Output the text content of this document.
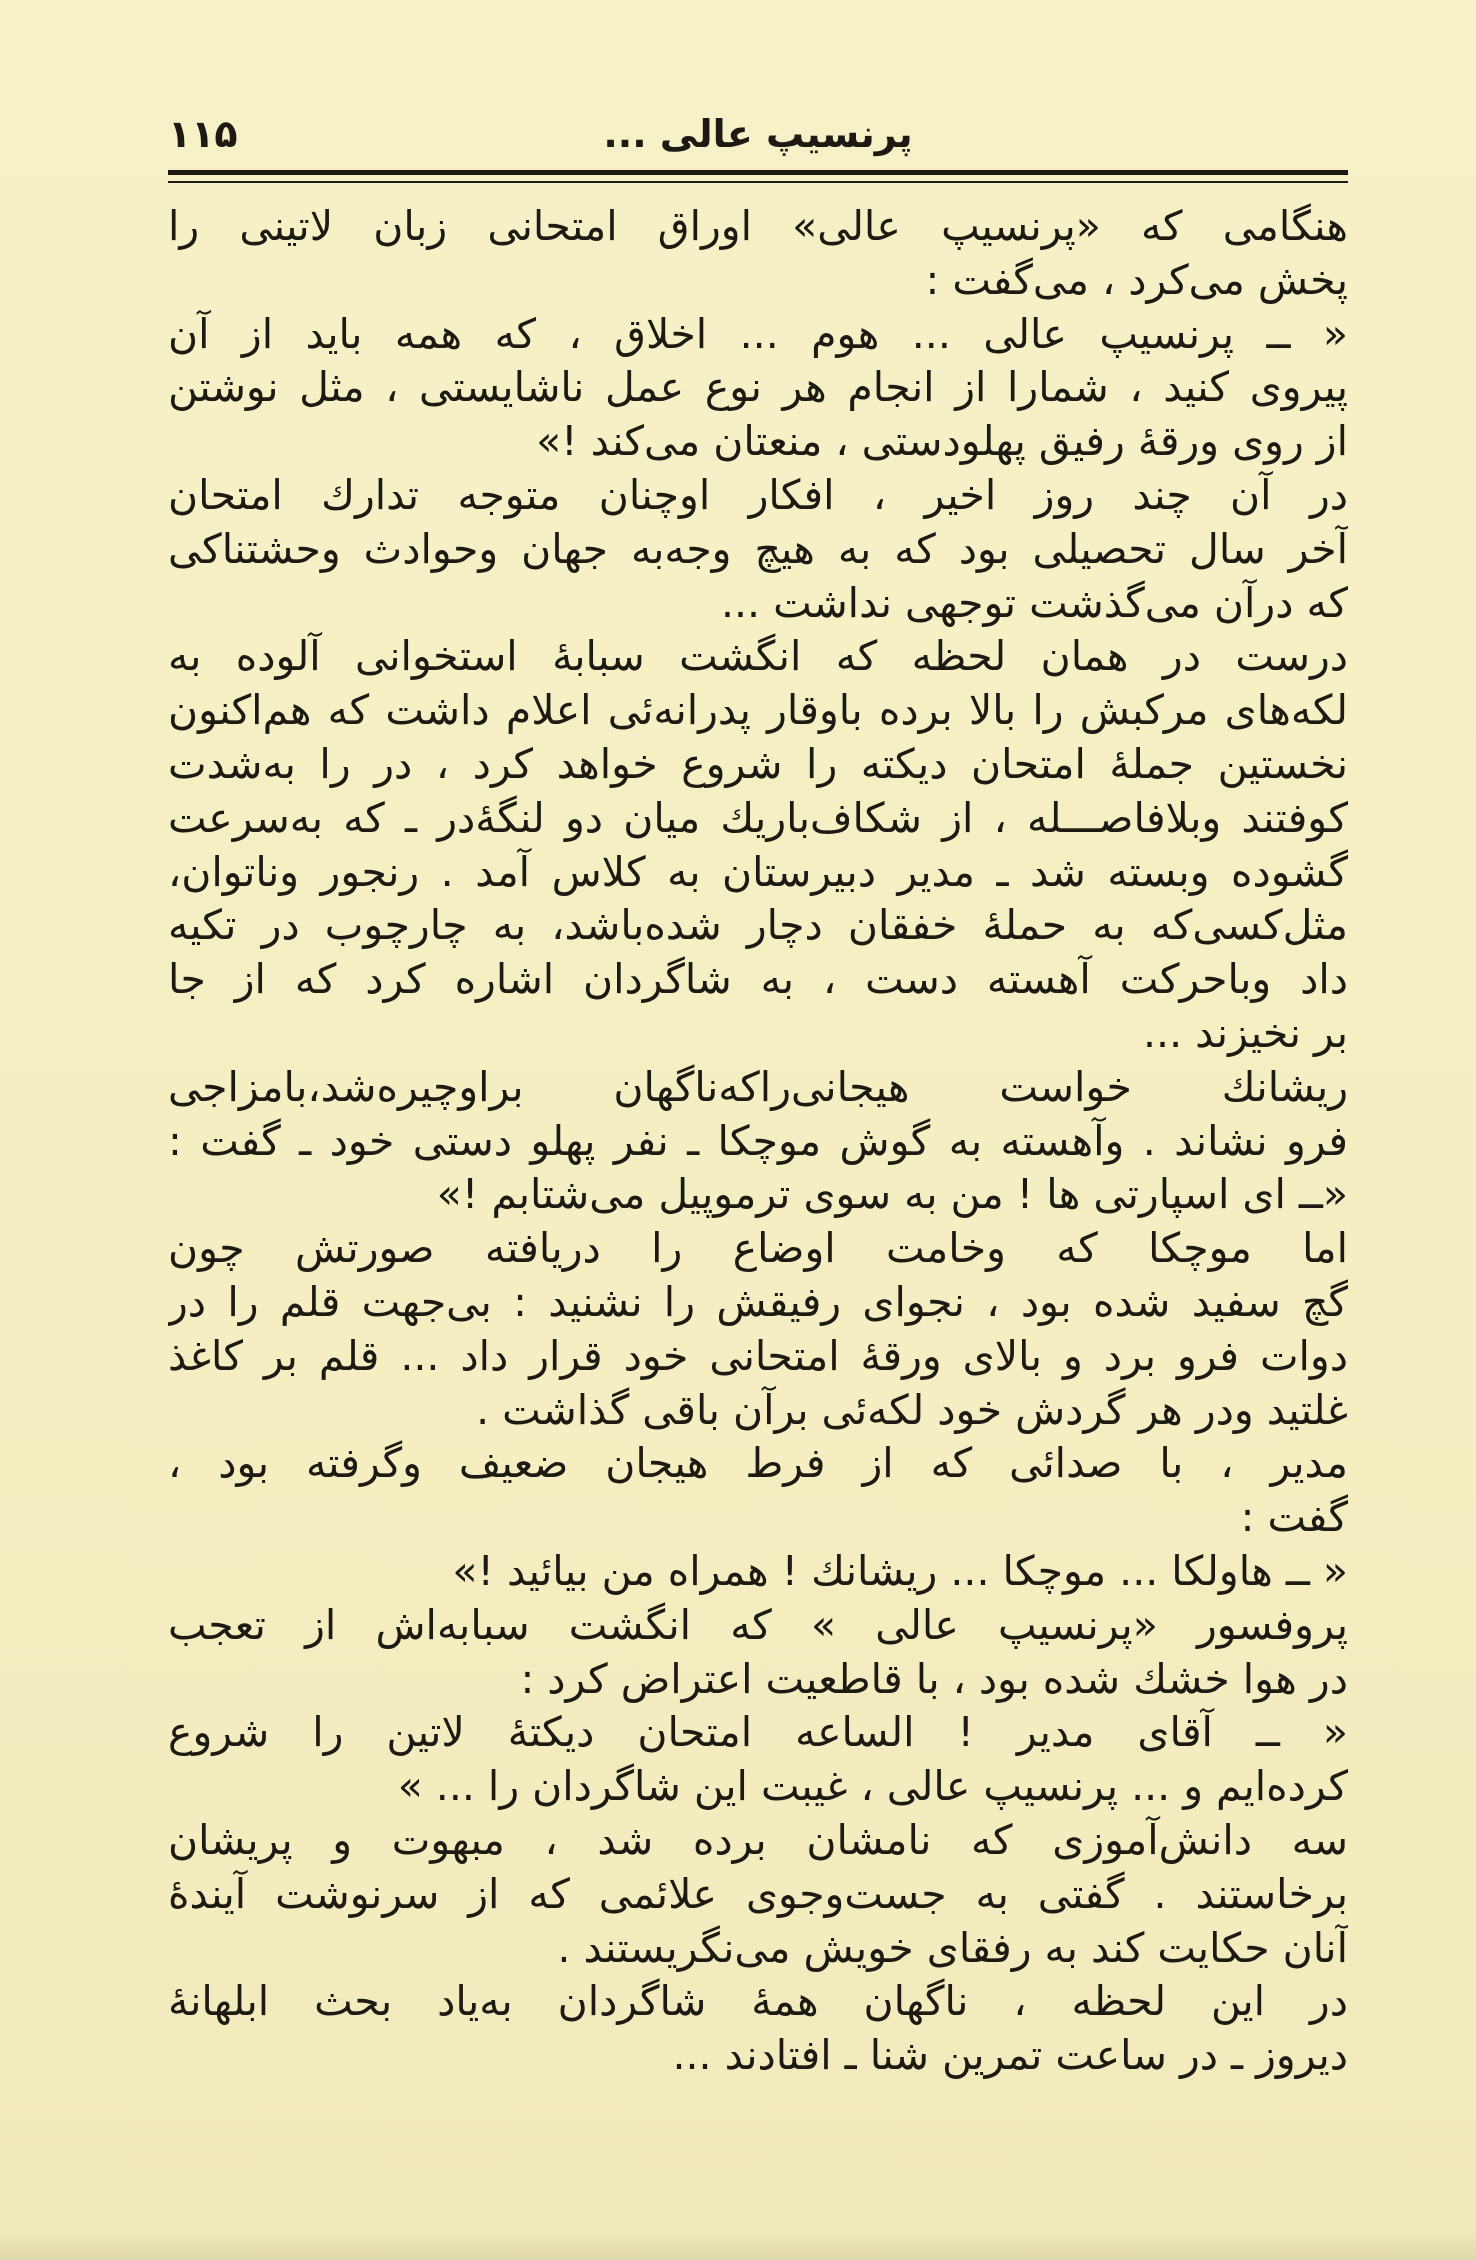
پرنسیپ عالی ...
۱۱۵
هنگامی که «پرنسیپ عالی» اوراق امتحانی زبان لاتینی را
پخش می‌کرد ، می‌گفت :
« ــ پرنسیپ عالی ... هوم ... اخلاق ، که همه باید از آن
پیروی کنید ، شمارا از انجام هر نوع عمل ناشایستی ، مثل نوشتن
از روی ورقهٔ رفیق پهلودستی ، منعتان می‌کند !»
در آن چند روز اخیر ، افکار اوچنان متوجه تدارك امتحان
آخر سال تحصیلی بود که به هیچ وجه‌به جهان وحوادث وحشتناکی
که درآن می‌گذشت توجهی نداشت ...
درست در همان لحظه که انگشت سبابهٔ استخوانی آلوده به
لکه‌های مرکبش را بالا برده باوقار پدرانه‌ئی اعلام داشت که هم‌اکنون
نخستین جملهٔ امتحان دیکته را شروع خواهد کرد ، در را به‌شدت
کوفتند وبلافاصـــله ، از شکاف‌باریك میان دو لنگهٔ‌در ـ که به‌سرعت
گشوده وبسته شد ـ مدیر دبیرستان به کلاس آمد . رنجور وناتوان،
مثل‌کسی‌که به حملهٔ خفقان دچار شده‌باشد، به چارچوب در تکیه
داد وباحرکت آهسته دست ، به شاگردان اشاره کرد که از جا
بر نخیزند ...
ریشانك خواست هیجانی‌راکه‌ناگهان براوچیره‌شد،بامزاجی
فرو نشاند . وآهسته به گوش موچکا ـ نفر پهلو دستی خود ـ گفت :
«ــ ای اسپارتی ها ! من به سوی ترموپیل می‌شتابم !»
اما موچکا که وخامت اوضاع را دریافته صورتش چون
گچ سفید شده بود ، نجوای رفیقش را نشنید : بی‌جهت قلم را در
دوات فرو برد و بالای ورقهٔ امتحانی خود قرار داد ... قلم بر کاغذ
غلتید ودر هر گردش خود لکه‌ئی برآن باقی گذاشت .
مدیر ، با صدائی که از فرط هیجان ضعیف وگرفته بود ،
گفت :
« ــ هاولکا ... موچکا ... ریشانك ! همراه من بیائید !»
پروفسور «پرنسیپ عالی » که انگشت سبابه‌اش از تعجب
در هوا خشك شده بود ، با قاطعیت اعتراض کرد :
« ــ آقای مدیر ! الساعه امتحان دیکتهٔ لاتین را شروع
کرده‌ایم و ... پرنسیپ عالی ، غیبت این شاگردان را ... »
سه دانش‌آموزی که نامشان برده شد ، مبهوت و پریشان
برخاستند . گفتی به جست‌وجوی علائمی که از سرنوشت آیندهٔ
آنان حکایت کند به رفقای خویش می‌نگریستند .
در این لحظه ، ناگهان همهٔ شاگردان به‌یاد بحث ابلهانهٔ
دیروز ـ در ساعت تمرین شنا ـ افتادند ...
